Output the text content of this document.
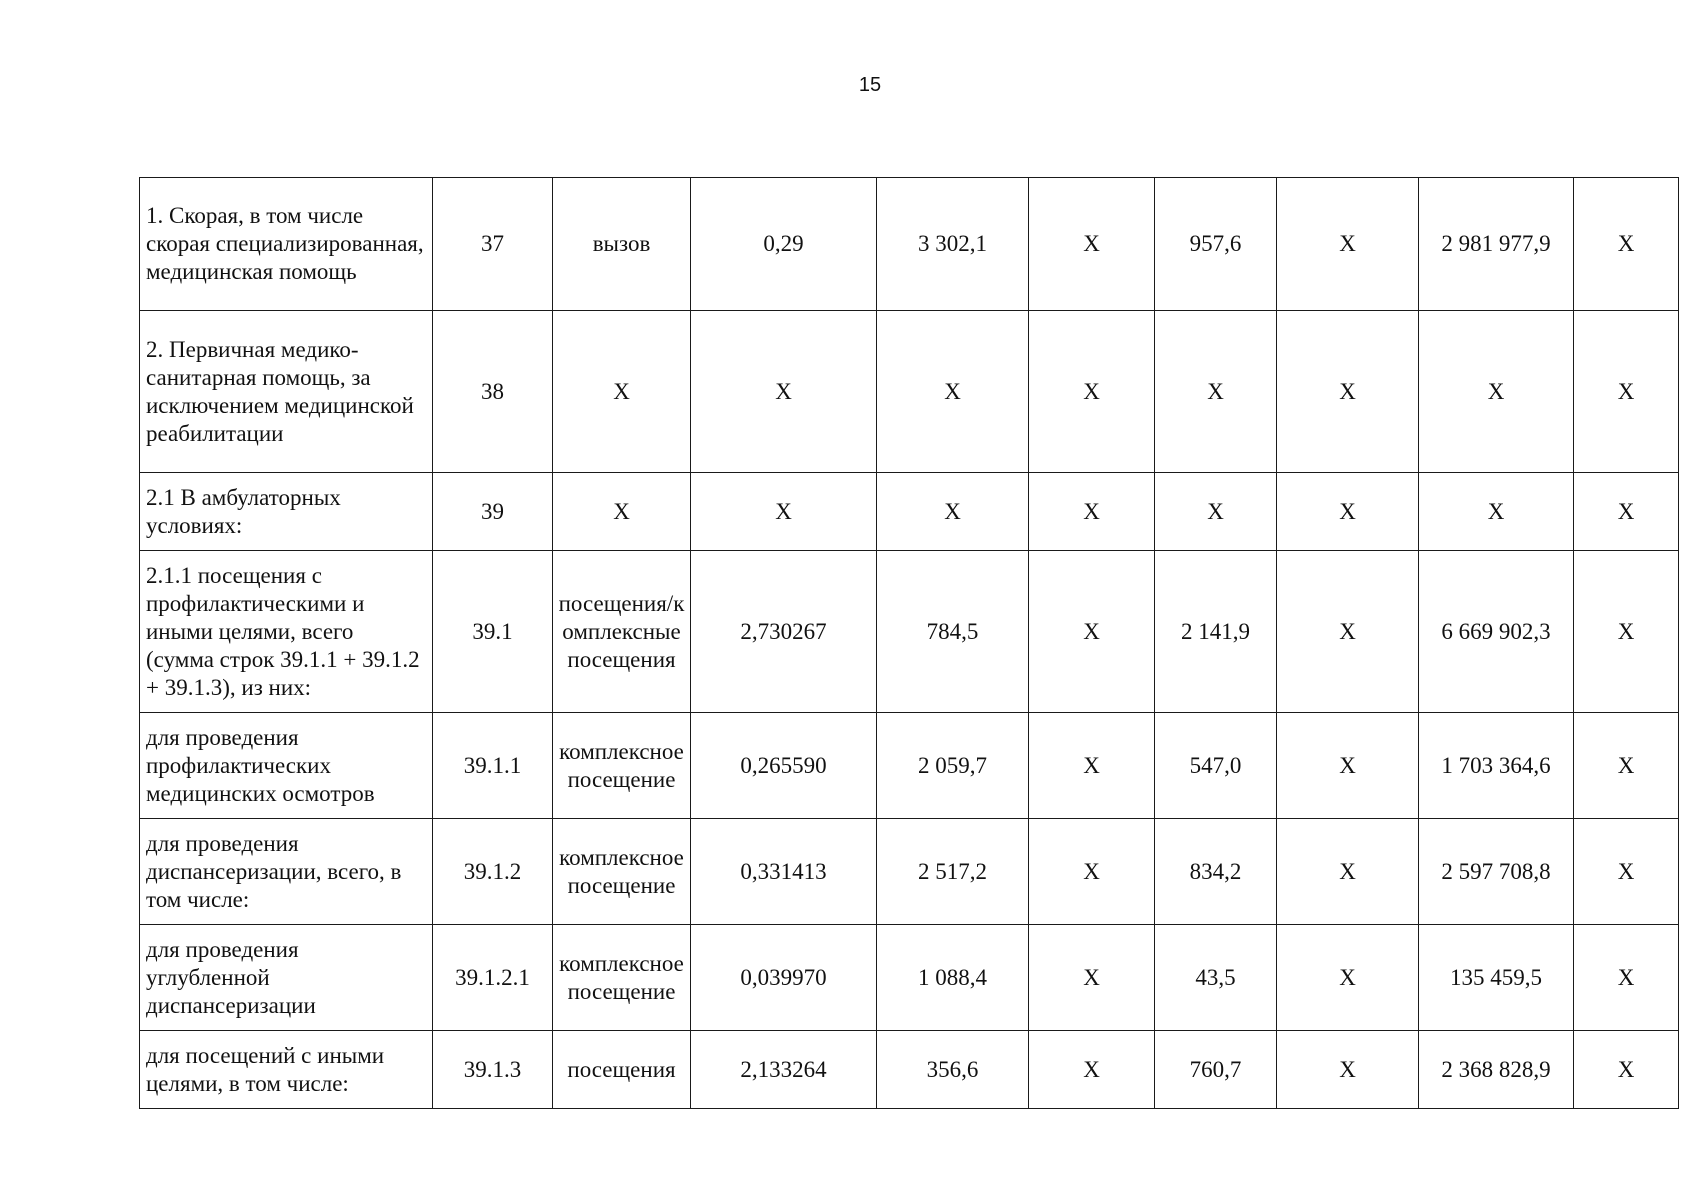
15
1. Скорая, в том числе скорая специализированная, медицинская помощь	37	вызов	0,29	3 302,1	X	957,6	X	2 981 977,9	X
2. Первичная медико-санитарная помощь, за исключением медицинской реабилитации	38	X	X	X	X	X	X	X	X
2.1 В амбулаторных условиях:	39	X	X	X	X	X	X	X	X
2.1.1 посещения с профилактическими и иными целями, всего (сумма строк 39.1.1 + 39.1.2 + 39.1.3), из них:	39.1	посещения/комплексные посещения	2,730267	784,5	X	2 141,9	X	6 669 902,3	X
для проведения профилактических медицинских осмотров	39.1.1	комплексное посещение	0,265590	2 059,7	X	547,0	X	1 703 364,6	X
для проведения диспансеризации, всего, в том числе:	39.1.2	комплексное посещение	0,331413	2 517,2	X	834,2	X	2 597 708,8	X
для проведения углубленной диспансеризации	39.1.2.1	комплексное посещение	0,039970	1 088,4	X	43,5	X	135 459,5	X
для посещений с иными целями, в том числе:	39.1.3	посещения	2,133264	356,6	X	760,7	X	2 368 828,9	X
